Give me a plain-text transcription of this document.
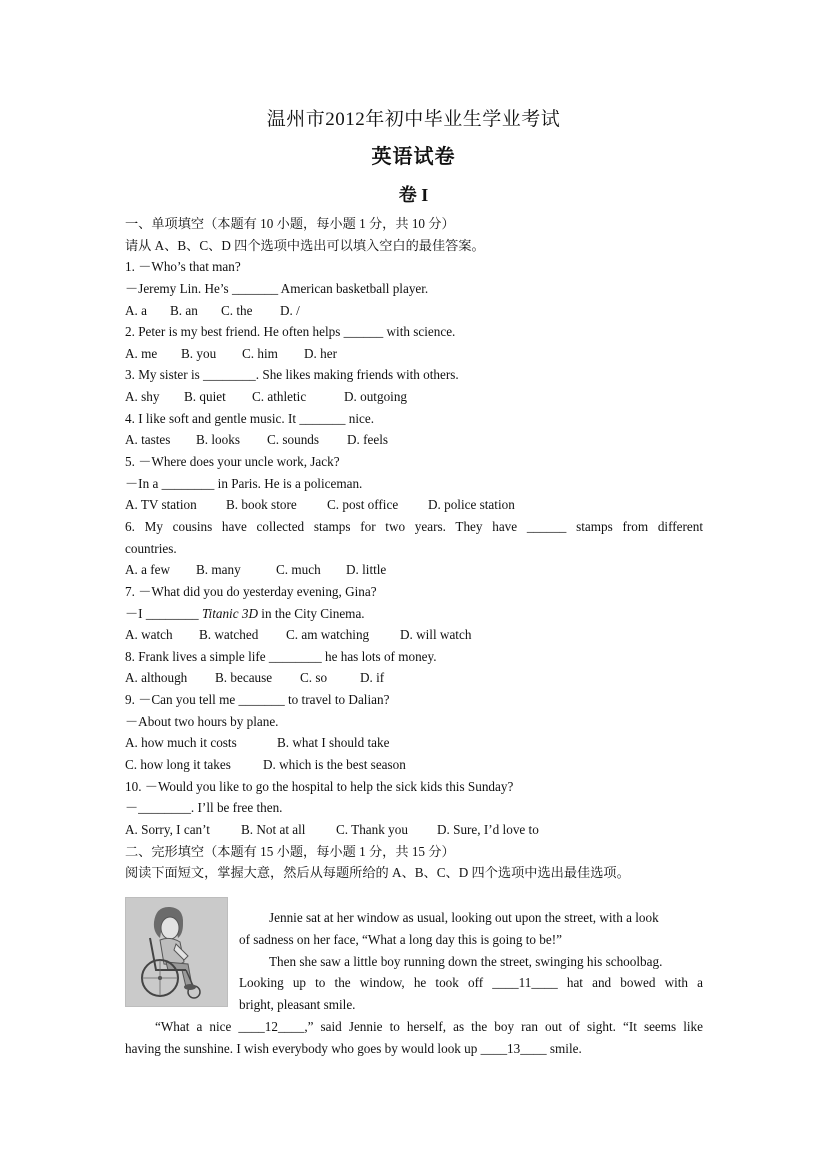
温州市2012年初中毕业生学业考试
英语试卷
卷 I
一、单项填空（本题有 10 小题，每小题 1 分，共 10 分）
请从 A、B、C、D 四个选项中选出可以填入空白的最佳答案。
1. －Who’s that man?
－Jeremy Lin. He’s _______ American basketball player.
A. a B. an C. the D. /
2. Peter is my best friend. He often helps ______ with science.
A. me B. you C. him D. her
3. My sister is ________. She likes making friends with others.
A. shy B. quiet C. athletic	D. outgoing
4. I like soft and gentle music. It _______ nice.
A. tastes B. looks C. sounds D. feels
5. －Where does your uncle work, Jack?
－In a ________ in Paris. He is a policeman.
A. TV station B. book store C. post office D. police station
6. My cousins have collected stamps for two years. They have ______ stamps from different
countries.
A. a few B. many	C. much D. little
7. －What did you do yesterday evening, Gina?
－I ________ Titanic 3D in the City Cinema.
A. watch B. watched C. am watching D. will watch
8. Frank lives a simple life ________ he has lots of money.
A. although B. because C. so D. if
9. －Can you tell me _______ to travel to Dalian?
－About two hours by plane.
A. how much it costs	B. what I should take
C. how long it takes D. which is the best season
10. －Would you like to go the hospital to help the sick kids this Sunday?
－________. I’ll be free then.
A. Sorry, I can’t B. Not at all C. Thank you D. Sure, I’d love to
二、完形填空（本题有 15 小题，每小题 1 分，共 15 分）
阅读下面短文，掌握大意，然后从每题所给的 A、B、C、D 四个选项中选出最佳选项。
Jennie sat at her window as usual, looking out upon the street, with a look
of sadness on her face, “What a long day this is going to be!”
Then she saw a little boy running down the street, swinging his schoolbag.
Looking up to the window, he took off ____11____ hat and bowed with a
bright, pleasant smile.
“What a nice ____12____,” said Jennie to herself, as the boy ran out of sight. “It seems like
having the sunshine. I wish everybody who goes by would look up ____13____ smile.
